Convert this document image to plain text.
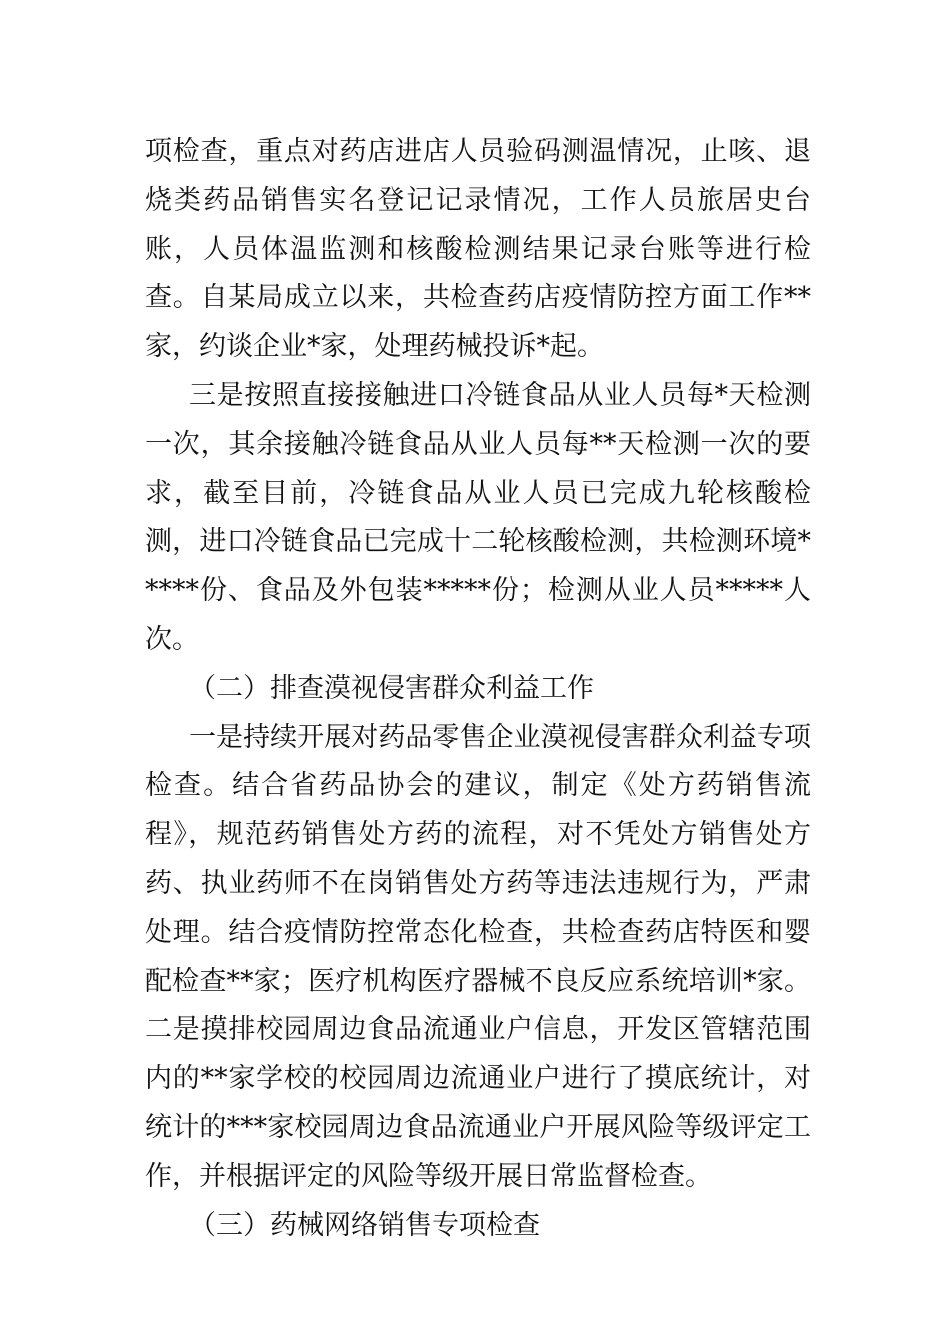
项检查，重点对药店进店人员验码测温情况，止咳、退烧类药品销售实名登记记录情况，工作人员旅居史台账，人员体温监测和核酸检测结果记录台账等进行检查。自某局成立以来，共检查药店疫情防控方面工作**家，约谈企业*家，处理药械投诉*起。

三是按照直接接触进口冷链食品从业人员每*天检测一次，其余接触冷链食品从业人员每**天检测一次的要求，截至目前，冷链食品从业人员已完成九轮核酸检测，进口冷链食品已完成十二轮核酸检测，共检测环境*****份、食品及外包装*****份；检测从业人员*****人次。

（二）排查漠视侵害群众利益工作

一是持续开展对药品零售企业漠视侵害群众利益专项检查。结合省药品协会的建议，制定《处方药销售流程》，规范药销售处方药的流程，对不凭处方销售处方药、执业药师不在岗销售处方药等违法违规行为，严肃处理。结合疫情防控常态化检查，共检查药店特医和婴配检查**家；医疗机构医疗器械不良反应系统培训*家。二是摸排校园周边食品流通业户信息，开发区管辖范围内的**家学校的校园周边流通业户进行了摸底统计，对统计的***家校园周边食品流通业户开展风险等级评定工作，并根据评定的风险等级开展日常监督检查。

（三）药械网络销售专项检查
